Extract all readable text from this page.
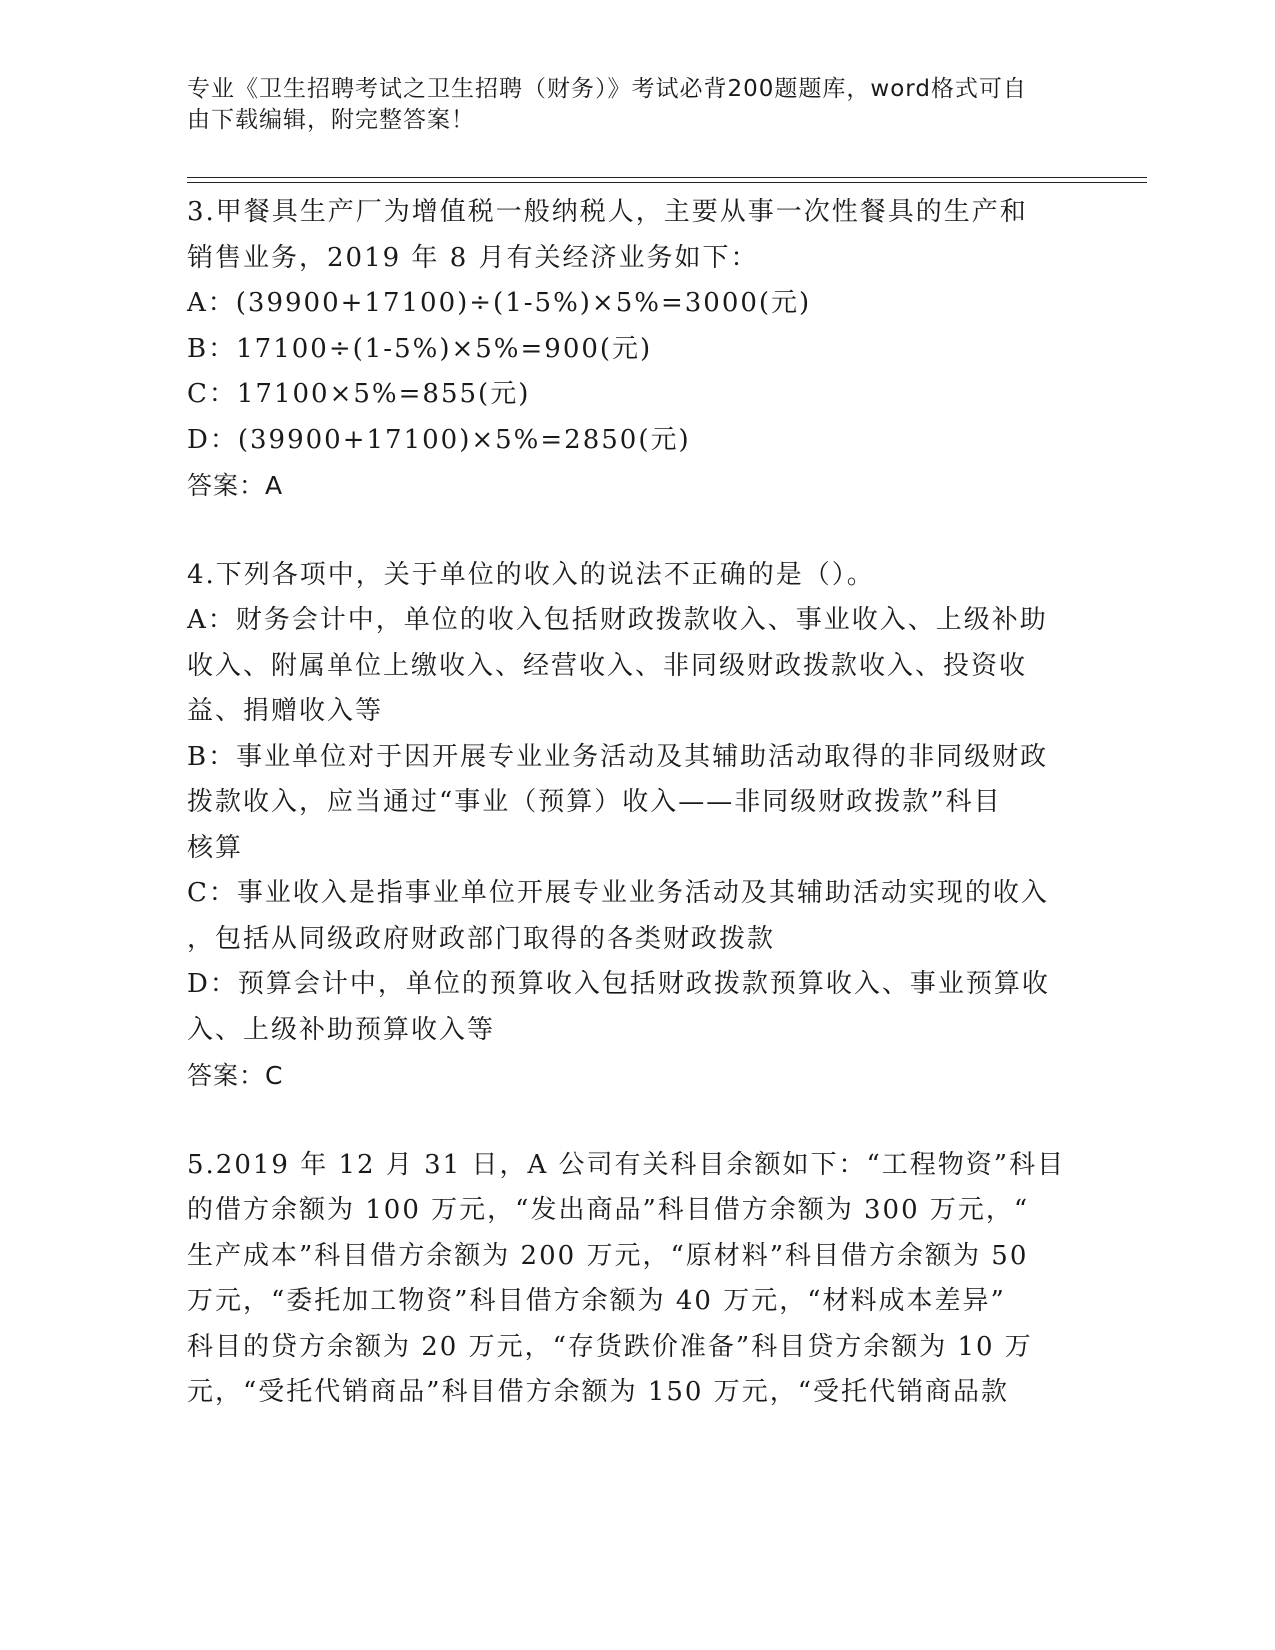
专业《卫生招聘考试之卫生招聘（财务）》考试必背200题题库，word格式可自
由下载编辑，附完整答案！
3.甲餐具生产厂为增值税一般纳税人，主要从事一次性餐具的生产和
销售业务，2019 年 8 月有关经济业务如下：
A：(39900+17100)÷(1-5%)×5%=3000(元)
B：17100÷(1-5%)×5%=900(元)
C：17100×5%=855(元)
D：(39900+17100)×5%=2850(元)
答案：A
4.下列各项中，关于单位的收入的说法不正确的是（）。
A：财务会计中，单位的收入包括财政拨款收入、事业收入、上级补助
收入、附属单位上缴收入、经营收入、非同级财政拨款收入、投资收
益、捐赠收入等
B：事业单位对于因开展专业业务活动及其辅助活动取得的非同级财政
拨款收入，应当通过“事业（预算）收入——非同级财政拨款”科目
核算
C：事业收入是指事业单位开展专业业务活动及其辅助活动实现的收入
，包括从同级政府财政部门取得的各类财政拨款
D：预算会计中，单位的预算收入包括财政拨款预算收入、事业预算收
入、上级补助预算收入等
答案：C
5.2019 年 12 月 31 日，A 公司有关科目余额如下：“工程物资”科目
的借方余额为 100 万元，“发出商品”科目借方余额为 300 万元，“
生产成本”科目借方余额为 200 万元，“原材料”科目借方余额为 50
万元，“委托加工物资”科目借方余额为 40 万元，“材料成本差异”
科目的贷方余额为 20 万元，“存货跌价准备”科目贷方余额为 10 万
元，“受托代销商品”科目借方余额为 150 万元，“受托代销商品款
